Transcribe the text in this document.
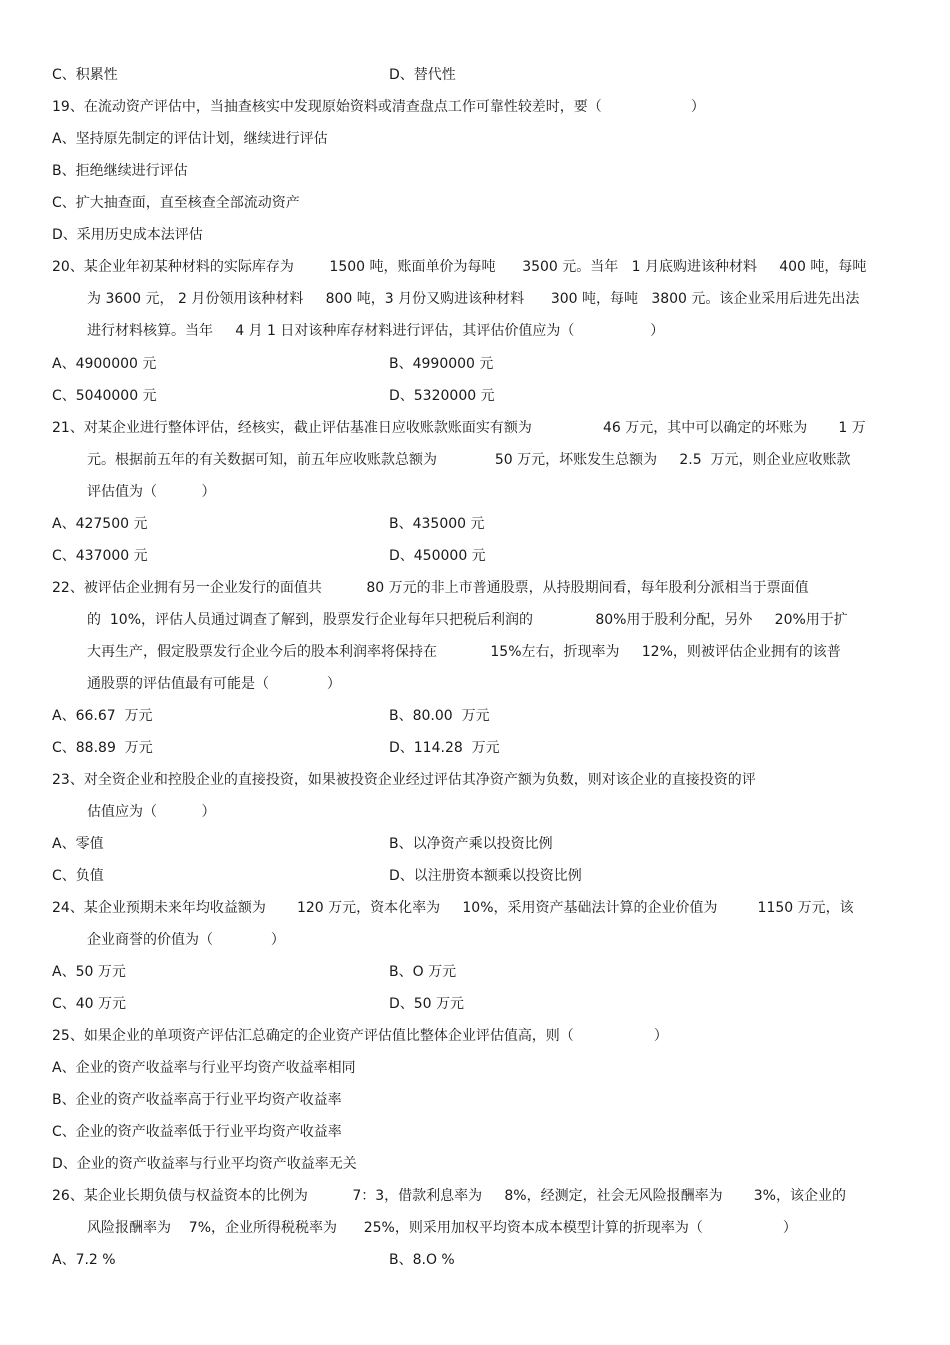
C、积累性	D、替代性
19、在流动资产评估中，当抽查核实中发现原始资料或清查盘点工作可靠性较差时，要（                    ）
A、坚持原先制定的评估计划，继续进行评估
B、拒绝继续进行评估
C、扩大抽查面，直至核查全部流动资产
D、采用历史成本法评估
20、某企业年初某种材料的实际库存为        1500 吨，账面单价为每吨      3500 元。当年   1 月底购进该种材料     400 吨，每吨
为 3600 元， 2 月份领用该种材料     800 吨，3 月份又购进该种材料      300 吨，每吨   3800 元。该企业采用后进先出法
进行材料核算。当年     4 月 1 日对该种库存材料进行评估，其评估价值应为（                 ）
A、4900000 元	B、4990000 元
C、5040000 元	D、5320000 元
21、对某企业进行整体评估，经核实，截止评估基准日应收账款账面实有额为                46 万元，其中可以确定的坏账为       1 万
元。根据前五年的有关数据可知，前五年应收账款总额为             50 万元，坏账发生总额为     2.5  万元，则企业应收账款
评估值为（          ）
A、427500 元	B、435000 元
C、437000 元	D、450000 元
22、被评估企业拥有另一企业发行的面值共          80 万元的非上市普通股票，从持股期间看，每年股利分派相当于票面值
的  10%，评估人员通过调查了解到，股票发行企业每年只把税后利润的              80%用于股利分配，另外     20%用于扩
大再生产，假定股票发行企业今后的股本利润率将保持在            15%左右，折现率为     12%，则被评估企业拥有的该普
通股票的评估值最有可能是（             ）
A、66.67  万元	B、80.00  万元
C、88.89  万元	D、114.28  万元
23、对全资企业和控股企业的直接投资，如果被投资企业经过评估其净资产额为负数，则对该企业的直接投资的评
估值应为（          ）
A、零值	B、以净资产乘以投资比例
C、负值	D、以注册资本额乘以投资比例
24、某企业预期未来年均收益额为       120 万元，资本化率为     10%，采用资产基础法计算的企业价值为         1150 万元，该
企业商誉的价值为（             ）
A、50 万元	B、O 万元
C、40 万元	D、50 万元
25、如果企业的单项资产评估汇总确定的企业资产评估值比整体企业评估值高，则（                  ）
A、企业的资产收益率与行业平均资产收益率相同
B、企业的资产收益率高于行业平均资产收益率
C、企业的资产收益率低于行业平均资产收益率
D、企业的资产收益率与行业平均资产收益率无关
26、某企业长期负债与权益资本的比例为          7：3，借款利息率为     8%，经测定，社会无风险报酬率为       3%，该企业的
风险报酬率为    7%，企业所得税税率为      25%，则采用加权平均资本成本模型计算的折现率为（                  ）
A、7.2 %	B、8.O %
